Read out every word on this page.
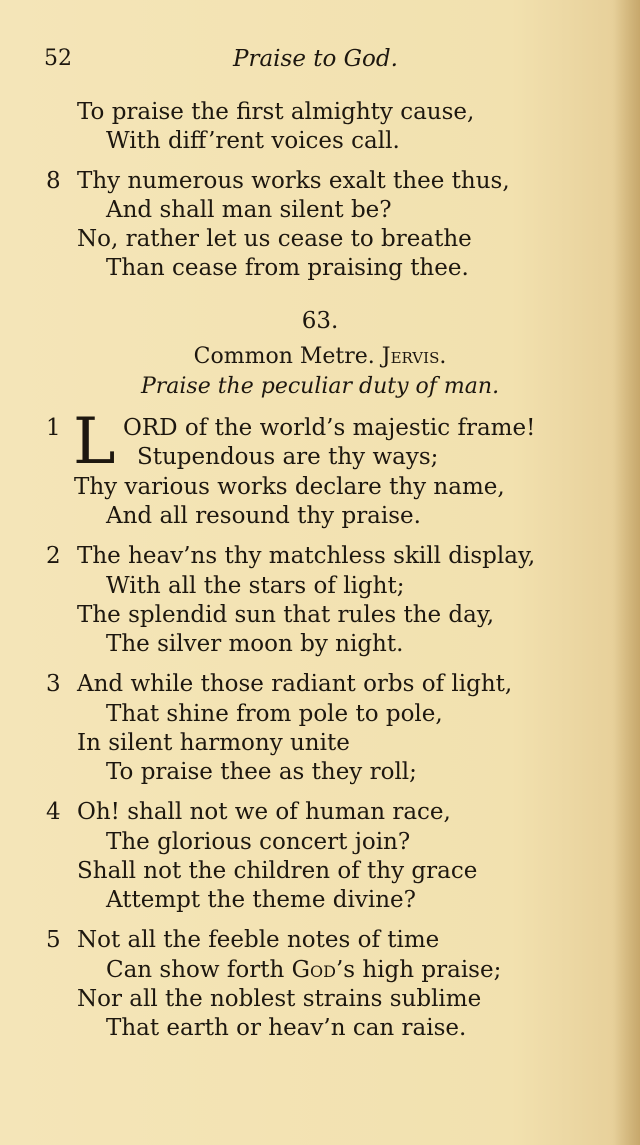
52	Praise to God.
To praise the first almighty cause,
With diff’rent voices call.
8 Thy numerous works exalt thee thus,
And shall man silent be?
No, rather let us cease to breathe
Than cease from praising thee.
63.
Common Metre. Jervis.
Praise the peculiar duty of man.
1 L ORD of the world’s majestic frame!
Stupendous are thy ways;
Thy various works declare thy name,
And all resound thy praise.
2 The heav’ns thy matchless skill display,
With all the stars of light;
The splendid sun that rules the day,
The silver moon by night.
3 And while those radiant orbs of light,
That shine from pole to pole,
In silent harmony unite
To praise thee as they roll;
4 Oh! shall not we of human race,
The glorious concert join?
Shall not the children of thy grace
Attempt the theme divine?
5 Not all the feeble notes of time
Can show forth God’s high praise;
Nor all the noblest strains sublime
That earth or heav’n can raise.
